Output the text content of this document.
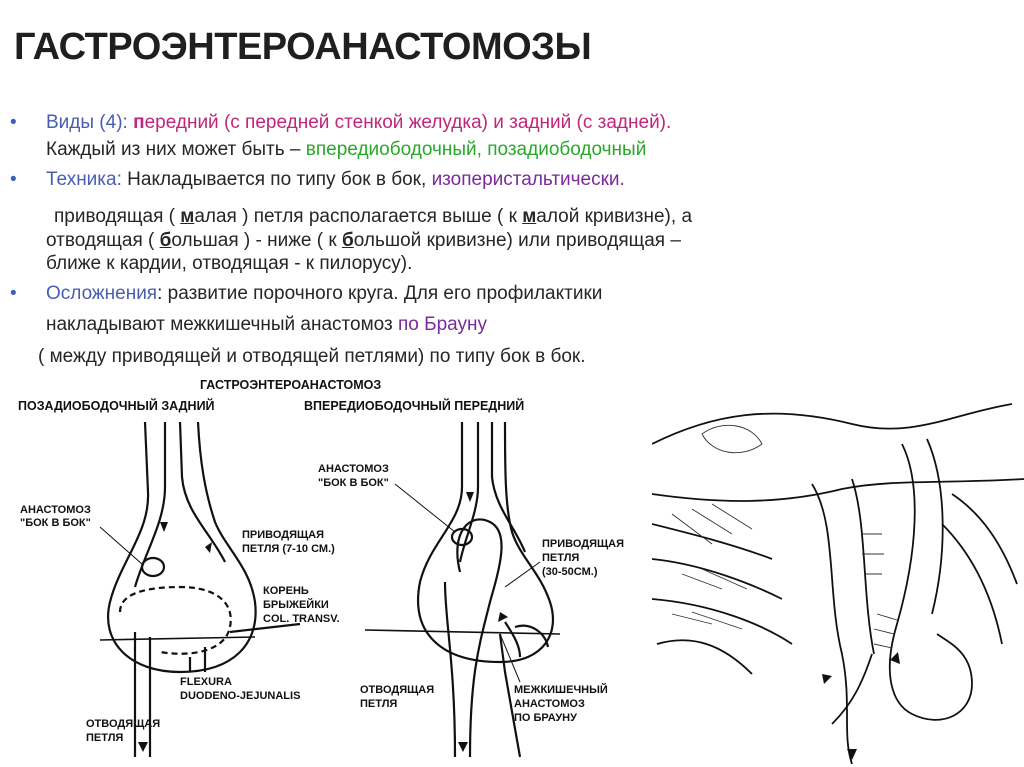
ГАСТРОЭНТЕРОАНАСТОМОЗЫ
• Виды (4): передний (с передней стенкой желудка) и задний (с задней).
Каждый из них может быть – впередиободочный, позадиободочный
• Техника: Накладывается по типу бок в бок, изоперистальтически.
приводящая ( малая ) петля располагается выше ( к малой кривизне), а
отводящая ( большая ) - ниже ( к большой кривизне) или приводящая –
ближе к кардии, отводящая - к пилорусу).
• Осложнения: развитие порочного круга. Для его профилактики
накладывают межкишечный анастомоз по Брауну
( между приводящей и отводящей петлями) по типу бок в бок.
ГАСТРОЭНТЕРОАНАСТОМОЗ
ПОЗАДИОБОДОЧНЫЙ ЗАДНИЙ	ВПЕРЕДИОБОДОЧНЫЙ ПЕРЕДНИЙ
АНАСТОМОЗ
"БОК В БОК"
ПРИВОДЯЩАЯ
ПЕТЛЯ (7-10 СМ.)
КОРЕНЬ
БРЫЖЕЙКИ
COL. TRANSV.
FLEXURA
DUODENO-JEJUNALIS
ОТВОДЯЩАЯ
ПЕТЛЯ
АНАСТОМОЗ
"БОК В БОК"
ПРИВОДЯЩАЯ
ПЕТЛЯ
(30-50СМ.)
ОТВОДЯЩАЯ
ПЕТЛЯ
МЕЖКИШЕЧНЫЙ
АНАСТОМОЗ
ПО БРАУНУ
